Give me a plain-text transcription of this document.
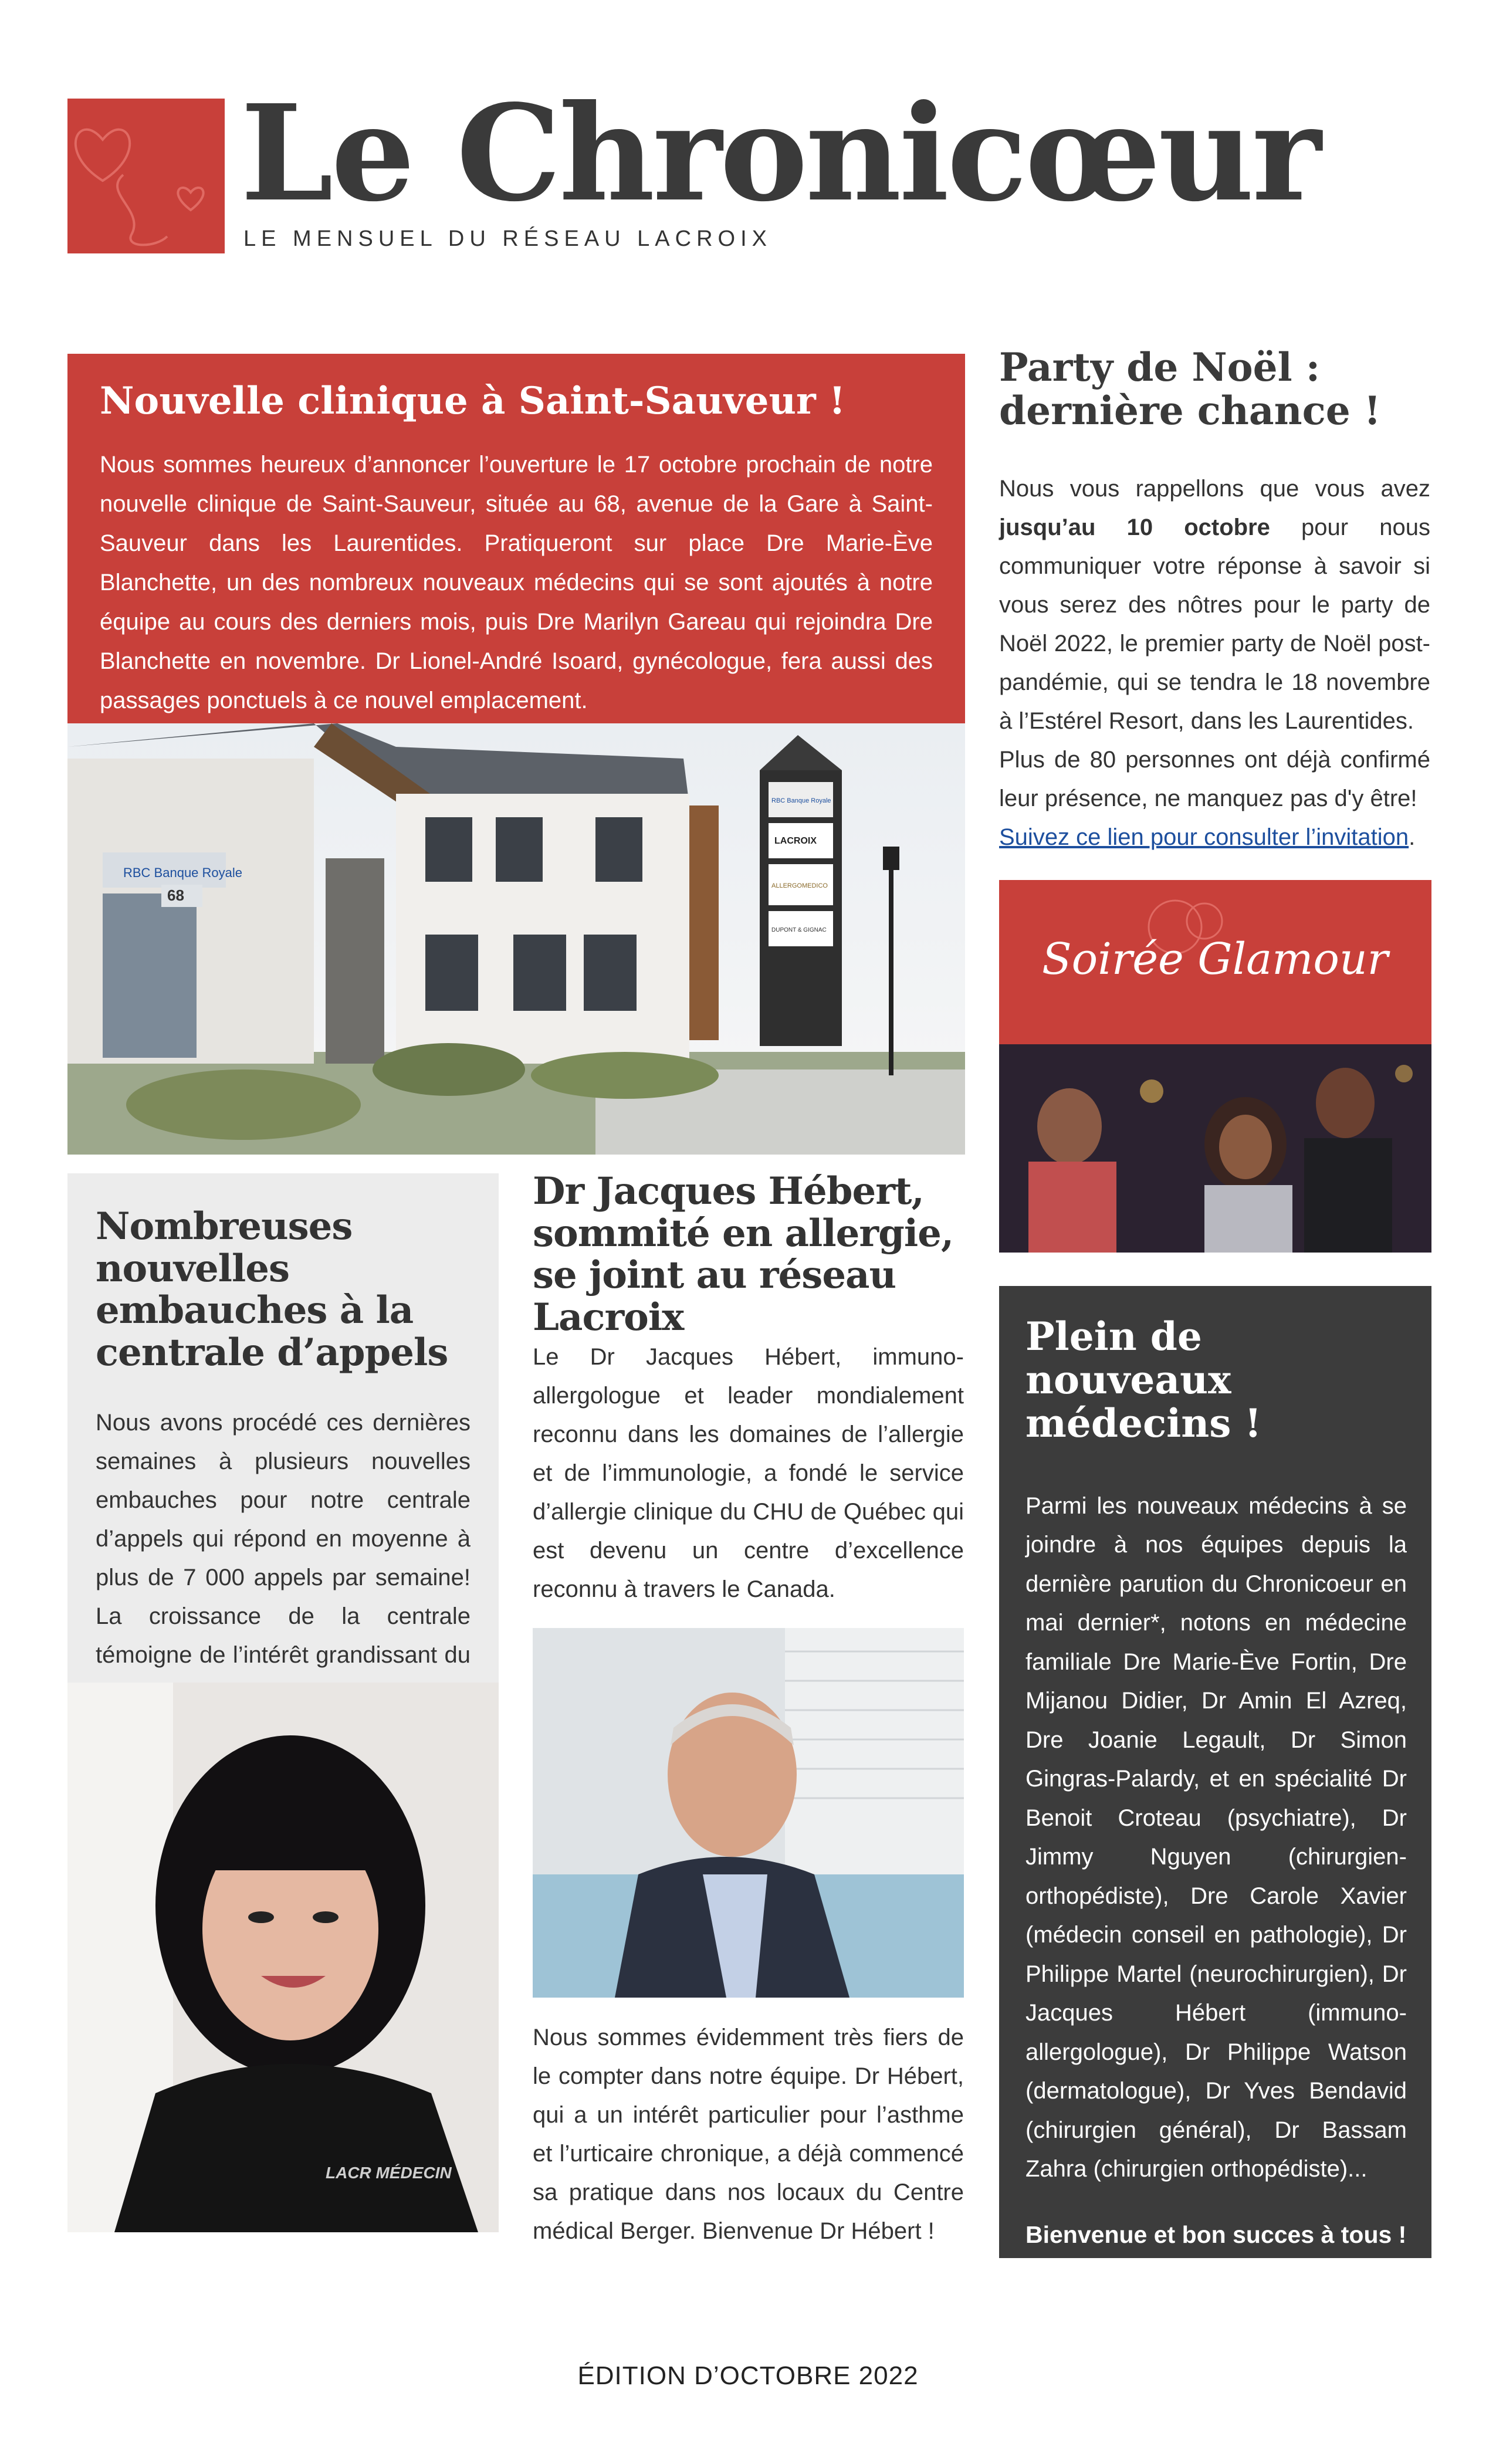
Le Chronicœur
LE MENSUEL DU RÉSEAU LACROIX
Nouvelle clinique à Saint-Sauveur !

Nous sommes heureux d’annoncer l’ouverture le 17 octobre prochain de notre nouvelle clinique de Saint-Sauveur, située au 68, avenue de la Gare à Saint-Sauveur dans les Laurentides. Pratiqueront sur place Dre Marie-Ève Blanchette, un des nombreux nouveaux médecins qui se sont ajoutés à notre équipe au cours des derniers mois, puis Dre Marilyn Gareau qui rejoindra Dre Blanchette en novembre. Dr Lionel-André Isoard, gynécologue, fera aussi des passages ponctuels à ce nouvel emplacement.

RBC Banque Royale
68
RBC Banque Royale
LACROIX
ALLERGOMEDICO
DUPONT & GIGNAC
Party de Noël :
dernière chance !
Nous vous rappellons que vous avez jusqu’au 10 octobre pour nous communiquer votre réponse à savoir si vous serez des nôtres pour le party de Noël 2022, le premier party de Noël post-pandémie, qui se tendra le 18 novembre à l’Estérel Resort, dans les Laurentides.
Plus de 80 personnes ont déjà confirmé leur présence, ne manquez pas d'y être!
Suivez ce lien pour consulter l’invitation.
Soirée Glamour
Nombreuses nouvelles embauches à la centrale d’appels

Nous avons procédé ces dernières semaines à plusieurs nouvelles embauches pour notre centrale d’appels qui répond en moyenne à plus de 7 000 appels par semaine! La croissance de la centrale témoigne de l’intérêt grandissant du

LACR MÉDECIN
Dr Jacques Hébert, sommité en allergie, se joint au réseau Lacroix
Le Dr Jacques Hébert, immuno-allergologue et leader mondialement reconnu dans les domaines de l’allergie et de l’immunologie, a fondé le service d’allergie clinique du CHU de Québec qui est devenu un centre d’excellence reconnu à travers le Canada.
Nous sommes évidemment très fiers de le compter dans notre équipe. Dr Hébert, qui a un intérêt particulier pour l’asthme et l’urticaire chronique, a déjà commencé sa pratique dans nos locaux du Centre médical Berger. Bienvenue Dr Hébert !
Plein de nouveaux médecins !

Parmi les nouveaux médecins à se joindre à nos équipes depuis la dernière parution du Chronicoeur en mai dernier*, notons en médecine familiale Dre Marie-Ève Fortin, Dre Mijanou Didier, Dr Amin El Azreq, Dre Joanie Legault, Dr Simon Gingras-Palardy, et en spécialité Dr Benoit Croteau (psychiatre), Dr Jimmy Nguyen (chirurgien-orthopédiste), Dre Carole Xavier (médecin conseil en pathologie), Dr Philippe Martel (neurochirurgien), Dr Jacques Hébert (immuno-allergologue), Dr Philippe Watson (dermatologue), Dr Yves Bendavid (chirurgien général), Dr Bassam Zahra (chirurgien orthopédiste)...

Bienvenue et bon succes à tous !

* Notez que les publications du Chronicoeur seront dorénavant plus régulières.

ÉDITION D’OCTOBRE 2022
